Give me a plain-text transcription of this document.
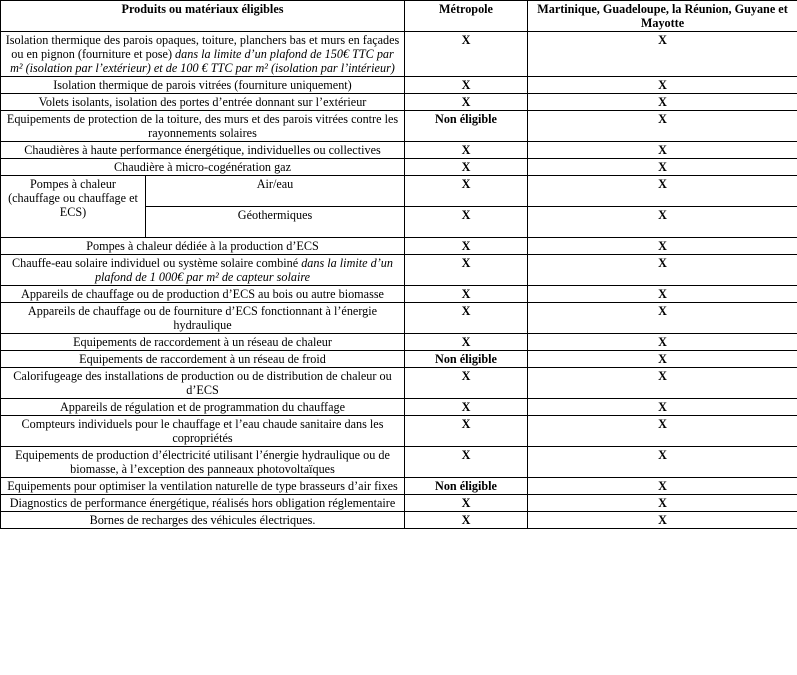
Produits ou matériaux éligibles		Métropole	Martinique, Guadeloupe, la Réunion, Guyane et Mayotte
Isolation thermique des parois opaques, toiture, planchers bas et murs en façades ou en pignon (fourniture et pose) dans la limite d’un plafond de 150€ TTC par m² (isolation par l’extérieur) et de 100 € TTC par m² (isolation par l’intérieur)		X	X
Isolation thermique de parois vitrées (fourniture uniquement)		X	X
Volets isolants, isolation des portes d’entrée donnant sur l’extérieur		X	X
Equipements de protection de la toiture, des murs et des parois vitrées contre les rayonnements solaires		Non éligible	X
Chaudières à haute performance énergétique, individuelles ou collectives		X	X
Chaudière à micro-cogénération gaz		X	X
Pompes à chaleur (chauffage ou chauffage et ECS)	Air/eau	X	X
	Géothermiques	X	X
Pompes à chaleur dédiée à la production d’ECS		X	X
Chauffe-eau solaire individuel ou système solaire combiné dans la limite d’un plafond de 1 000€ par m² de capteur solaire		X	X
Appareils de chauffage ou de production d’ECS au bois ou autre biomasse		X	X
Appareils de chauffage ou de fourniture d’ECS fonctionnant à l’énergie hydraulique		X	X
Equipements de raccordement à un réseau de chaleur		X	X
Equipements de raccordement à un réseau de froid		Non éligible	X
Calorifugeage des installations de production ou de distribution de chaleur ou d’ECS		X	X
Appareils de régulation et de programmation du chauffage		X	X
Compteurs individuels pour le chauffage et l’eau chaude sanitaire dans les copropriétés		X	X
Equipements de production d’électricité utilisant l’énergie hydraulique ou de biomasse, à l’exception des panneaux photovoltaïques		X	X
Equipements pour optimiser la ventilation naturelle de type brasseurs d’air fixes		Non éligible	X
Diagnostics de performance énergétique, réalisés hors obligation réglementaire		X	X
Bornes de recharges des véhicules électriques.		X	X
